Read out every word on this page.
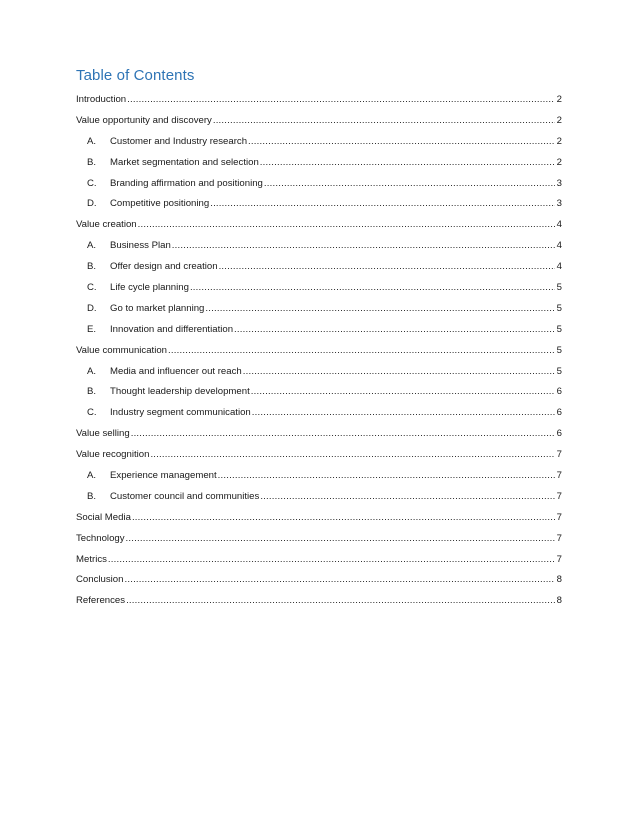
Table of Contents
Introduction .....	2
Value opportunity and discovery .....	2
A.	Customer and Industry research .....	2
B.	Market segmentation and selection .....	2
C.	Branding affirmation and positioning .....	3
D.	Competitive positioning .....	3
Value creation .....	4
A.	Business Plan .....	4
B.	Offer design and creation .....	4
C.	Life cycle planning .....	5
D.	Go to market planning .....	5
E.	Innovation and differentiation .....	5
Value communication .....	5
A.	Media and influencer out reach .....	5
B.	Thought leadership development .....	6
C.	Industry segment communication .....	6
Value selling .....	6
Value recognition .....	7
A.	Experience management .....	7
B.	Customer council and communities .....	7
Social Media .....	7
Technology .....	7
Metrics .....	7
Conclusion .....	8
References .....	8
